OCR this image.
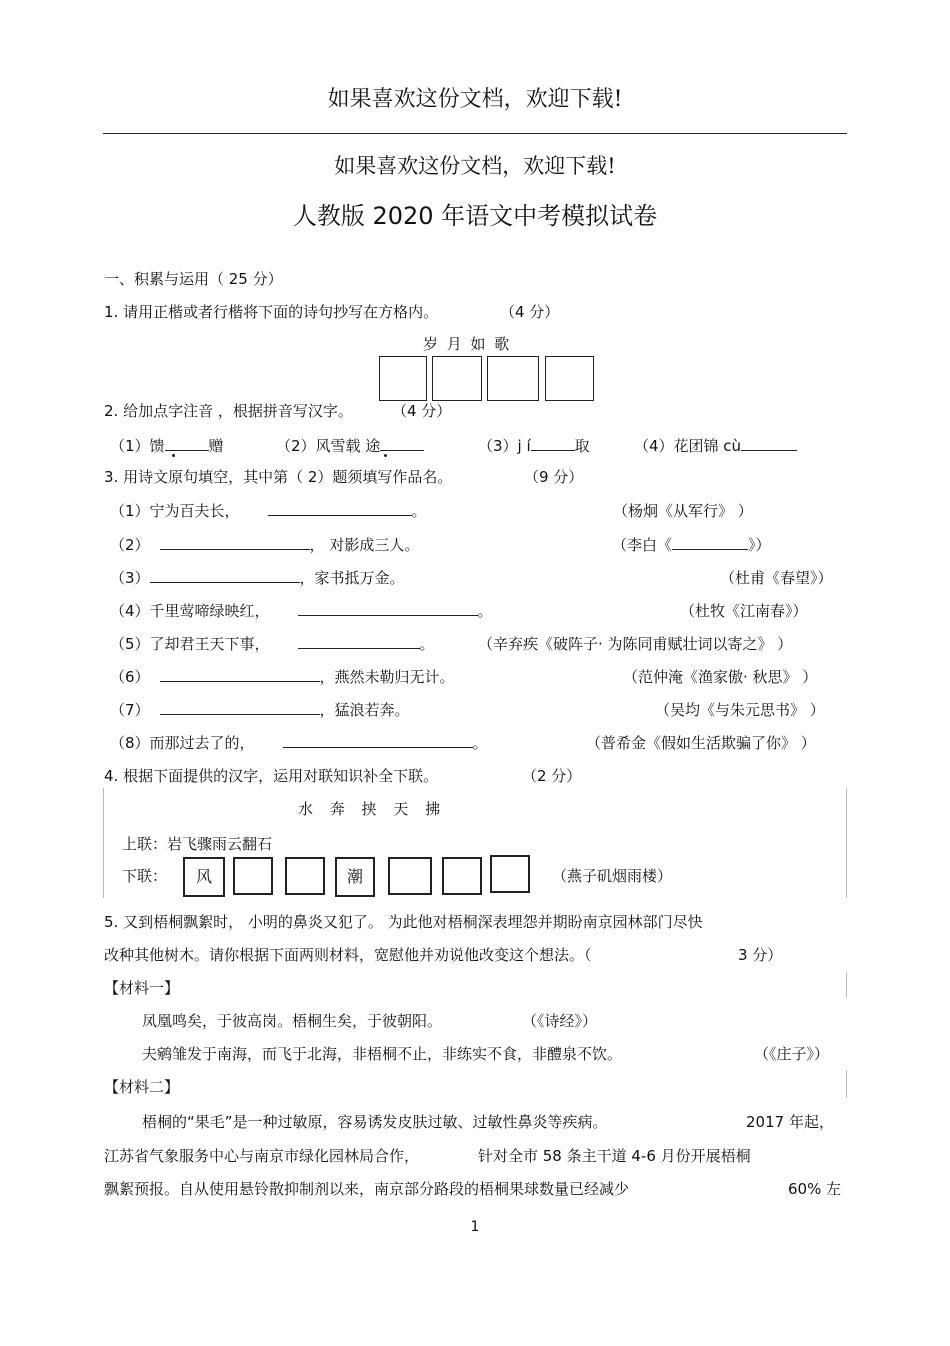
如果喜欢这份文档，欢迎下载!
如果喜欢这份文档，欢迎下载!
人教版 2020 年语文中考模拟试卷
一、积累与运用（ 25 分）
1. 请用正楷或者行楷将下面的诗句抄写在方格内。	（4 分）
岁 月 如 歌
2. 给加点字注音 ，根据拼音写汉字。	（4 分）
（1）馈	赠	（2）风雪载 途	（3）j í	取	（4）花团锦 cù
3. 用诗文原句填空，其中第（ 2）题须填写作品名。	（9 分）
（1）宁为百夫长，	。	（杨炯《从军行》 ）
（2）	， 对影成三人。	（李白《	》）
（3）	，家书抵万金。	（杜甫《春望》）
（4）千里莺啼绿映红，	。	（杜牧《江南春》）
（5）了却君王天下事，	。	（辛弃疾《破阵子· 为陈同甫赋壮词以寄之》 ）
（6）	，燕然未勒归无计。	（范仲淹《渔家傲· 秋思》 ）
（7）	，猛浪若奔。	（吴均《与朱元思书》 ）
（8）而那过去了的，	。	（普希金《假如生活欺骗了你》 ）
4. 根据下面提供的汉字，运用对联知识补全下联。	（2 分）
水 奔 挟 天 拂
上联：岩飞骤雨云翻石
下联：	风	潮	（燕子矶烟雨楼）
5. 又到梧桐飘絮时， 小明的鼻炎又犯了。 为此他对梧桐深表埋怨并期盼南京园林部门尽快
改种其他树木。请你根据下面两则材料，宽慰他并劝说他改变这个想法。（	3 分）
【材料一】
凤凰鸣矣，于彼高岗。梧桐生矣，于彼朝阳。	（《诗经》）
夫鹓雏发于南海，而飞于北海，非梧桐不止，非练实不食，非醴泉不饮。	（《庄子》）
【材料二】
梧桐的“果毛”是一种过敏原，容易诱发皮肤过敏、过敏性鼻炎等疾病。	2017 年起，
江苏省气象服务中心与南京市绿化园林局合作，	针对全市 58 条主干道 4-6 月份开展梧桐
飘絮预报。自从使用悬铃散抑制剂以来，南京部分路段的梧桐果球数量已经减少	60% 左
1
